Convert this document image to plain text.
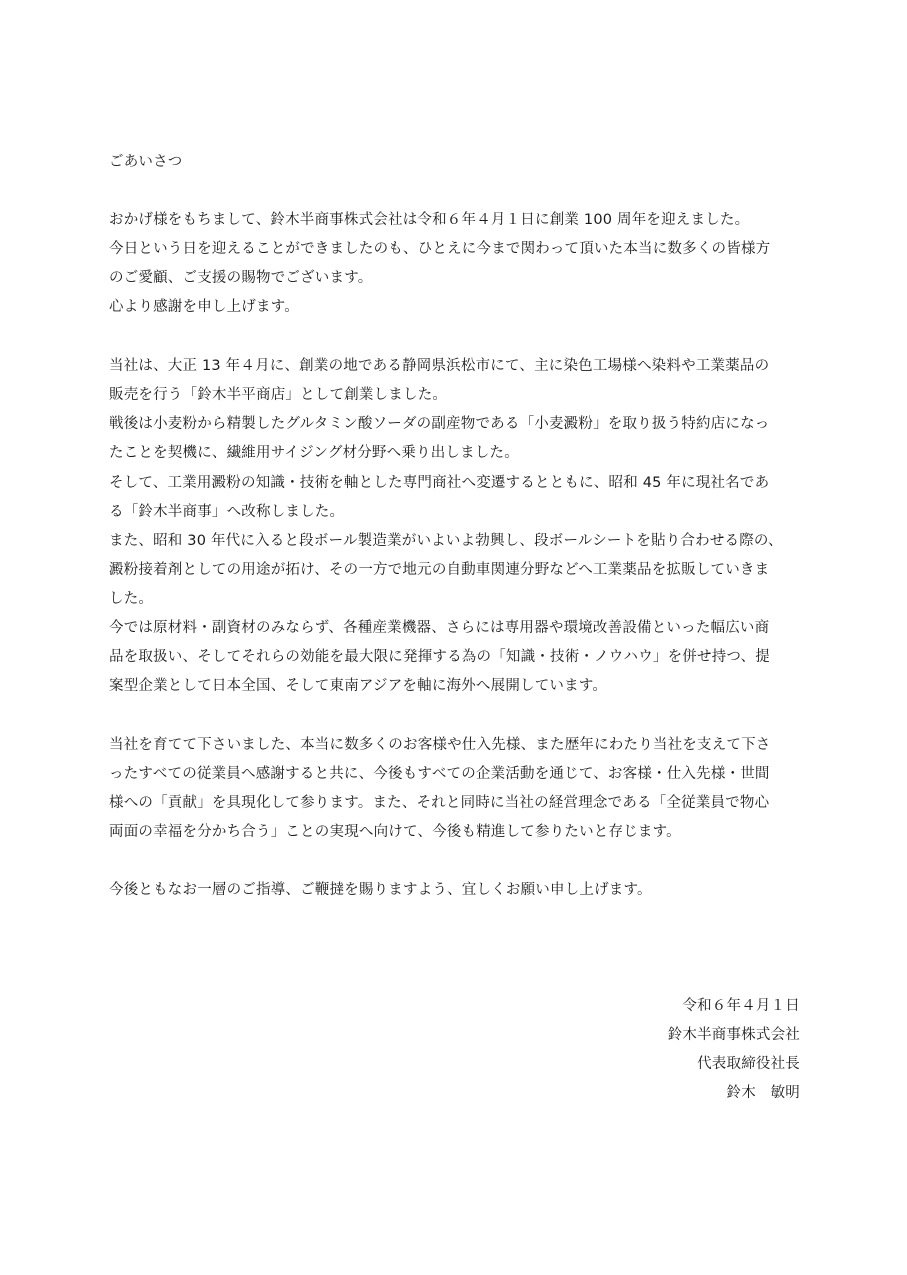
ごあいさつ
おかげ様をもちまして、鈴木半商事株式会社は令和６年４月１日に創業 100 周年を迎えました。
今日という日を迎えることができましたのも、ひとえに今まで関わって頂いた本当に数多くの皆様方
のご愛顧、ご支援の賜物でございます。
心より感謝を申し上げます。
当社は、大正 13 年４月に、創業の地である静岡県浜松市にて、主に染色工場様へ染料や工業薬品の
販売を行う「鈴木半平商店」として創業しました。
戦後は小麦粉から精製したグルタミン酸ソーダの副産物である「小麦澱粉」を取り扱う特約店になっ
たことを契機に、繊維用サイジング材分野へ乗り出しました。
そして、工業用澱粉の知識・技術を軸とした専門商社へ変遷するとともに、昭和 45 年に現社名であ
る「鈴木半商事」へ改称しました。
また、昭和 30 年代に入ると段ボール製造業がいよいよ勃興し、段ボールシートを貼り合わせる際の、
澱粉接着剤としての用途が拓け、その一方で地元の自動車関連分野などへ工業薬品を拡販していきま
した。
今では原材料・副資材のみならず、各種産業機器、さらには専用器や環境改善設備といった幅広い商
品を取扱い、そしてそれらの効能を最大限に発揮する為の「知識・技術・ノウハウ」を併せ持つ、提
案型企業として日本全国、そして東南アジアを軸に海外へ展開しています。
当社を育てて下さいました、本当に数多くのお客様や仕入先様、また歴年にわたり当社を支えて下さ
ったすべての従業員へ感謝すると共に、今後もすべての企業活動を通じて、お客様・仕入先様・世間
様への「貢献」を具現化して参ります。また、それと同時に当社の経営理念である「全従業員で物心
両面の幸福を分かち合う」ことの実現へ向けて、今後も精進して参りたいと存じます。
今後ともなお一層のご指導、ご鞭撻を賜りますよう、宜しくお願い申し上げます。
令和６年４月１日
鈴木半商事株式会社
代表取締役社長
鈴木　敏明
